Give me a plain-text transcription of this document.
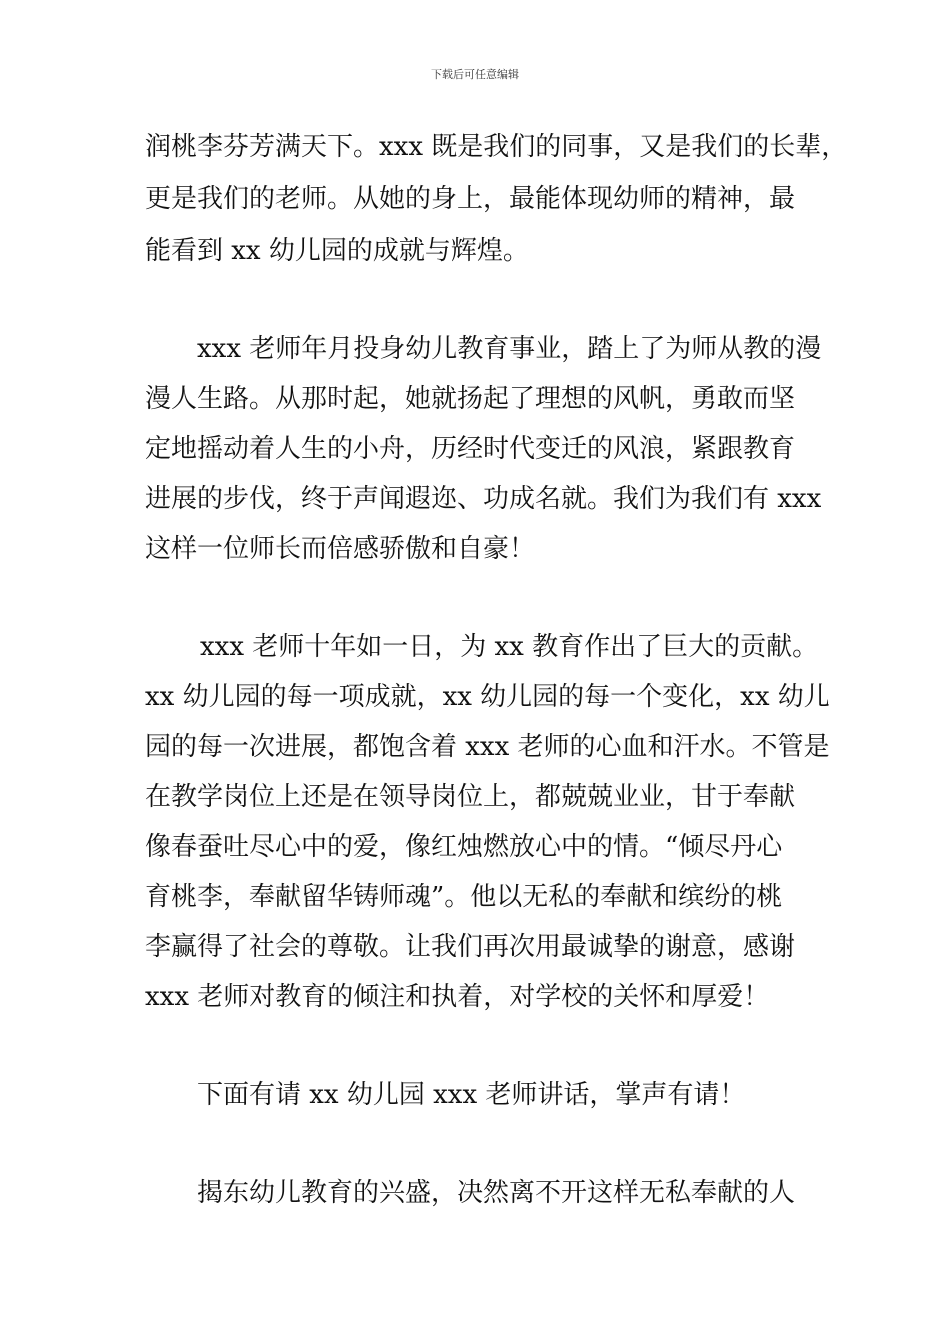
下载后可任意编辑
润桃李芬芳满天下。xxx 既是我们的同事，又是我们的长辈，
更是我们的老师。从她的身上，最能体现幼师的精神，最
能看到 xx 幼儿园的成就与辉煌。
xxx 老师年月投身幼儿教育事业，踏上了为师从教的漫
漫人生路。从那时起，她就扬起了理想的风帆，勇敢而坚
定地摇动着人生的小舟，历经时代变迁的风浪，紧跟教育
进展的步伐，终于声闻遐迩、功成名就。我们为我们有 xxx
这样一位师长而倍感骄傲和自豪！
xxx 老师十年如一日，为 xx 教育作出了巨大的贡献。
xx 幼儿园的每一项成就，xx 幼儿园的每一个变化，xx 幼儿
园的每一次进展，都饱含着 xxx 老师的心血和汗水。不管是
在教学岗位上还是在领导岗位上，都兢兢业业，甘于奉献
像春蚕吐尽心中的爱，像红烛燃放心中的情。“倾尽丹心
育桃李，奉献留华铸师魂”。他以无私的奉献和缤纷的桃
李赢得了社会的尊敬。让我们再次用最诚挚的谢意，感谢
xxx 老师对教育的倾注和执着，对学校的关怀和厚爱！
下面有请 xx 幼儿园 xxx 老师讲话，掌声有请！
揭东幼儿教育的兴盛，决然离不开这样无私奉献的人
